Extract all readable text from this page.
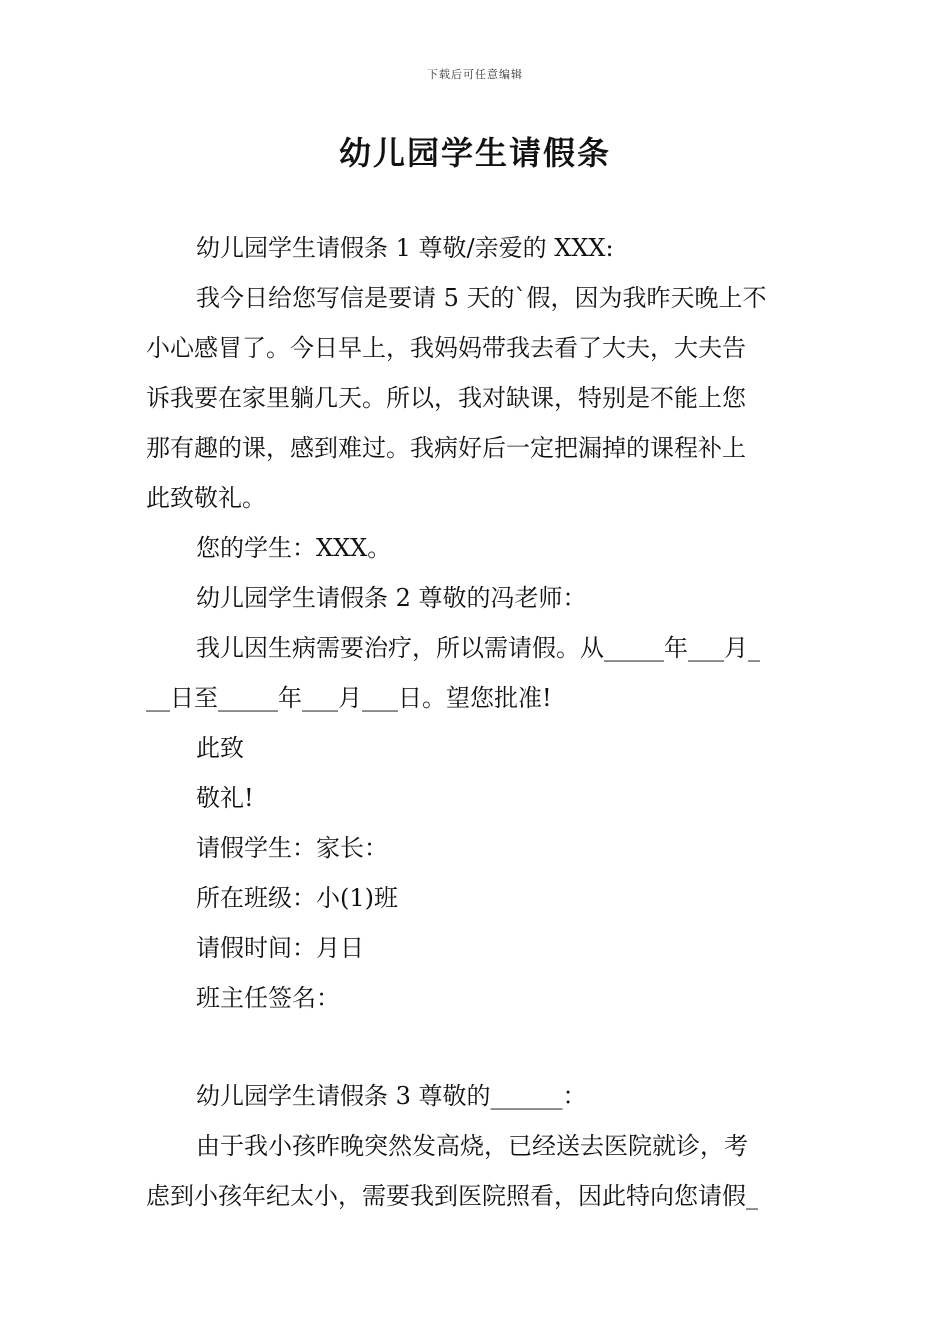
下载后可任意编辑
幼儿园学生请假条
幼儿园学生请假条 1 尊敬/亲爱的 XXX:
我今日给您写信是要请 5 天的`假，因为我昨天晚上不
小心感冒了。今日早上，我妈妈带我去看了大夫，大夫告
诉我要在家里躺几天。所以，我对缺课，特别是不能上您
那有趣的课，感到难过。我病好后一定把漏掉的课程补上
此致敬礼。
您的学生：XXX。
幼儿园学生请假条 2 尊敬的冯老师：
我儿因生病需要治疗，所以需请假。从_____年___月_
__日至_____年___月___日。望您批准!
此致
敬礼!
请假学生：家长：
所在班级：小(1)班
请假时间：月日
班主任签名：
幼儿园学生请假条 3 尊敬的______：
由于我小孩昨晚突然发高烧，已经送去医院就诊，考
虑到小孩年纪太小，需要我到医院照看，因此特向您请假_
